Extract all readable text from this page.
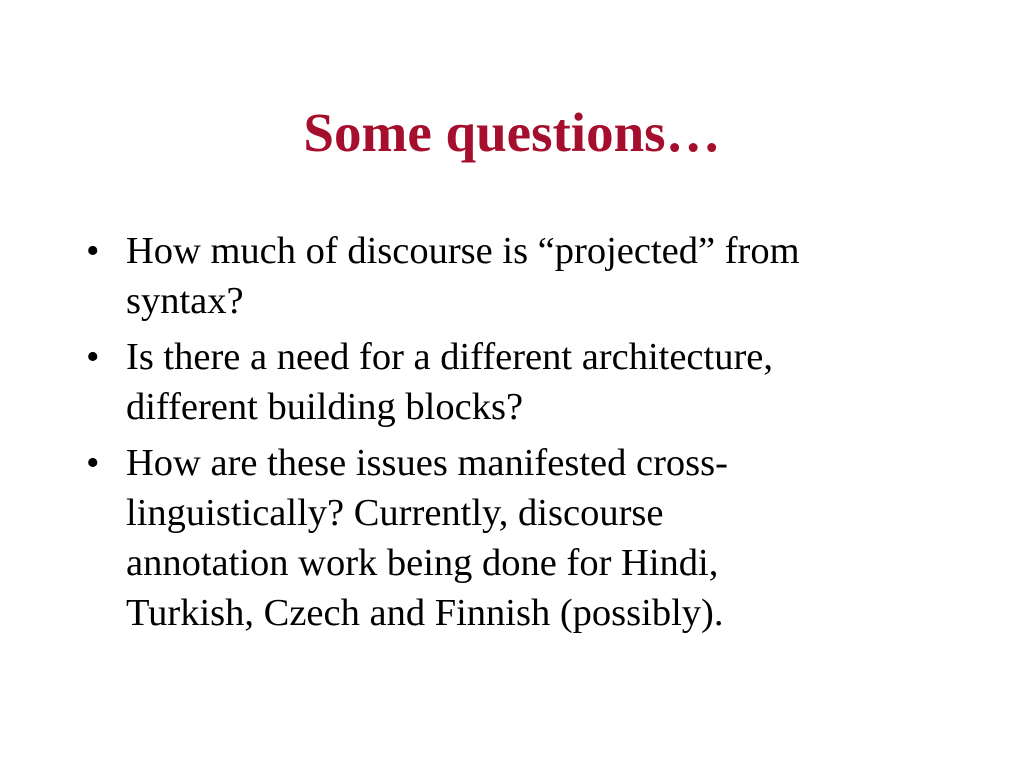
Some questions…
• How much of discourse is “projected” from
syntax?
• Is there a need for a different architecture,
different building blocks?
• How are these issues manifested cross-
linguistically? Currently, discourse
annotation work being done for Hindi,
Turkish, Czech and Finnish (possibly).
